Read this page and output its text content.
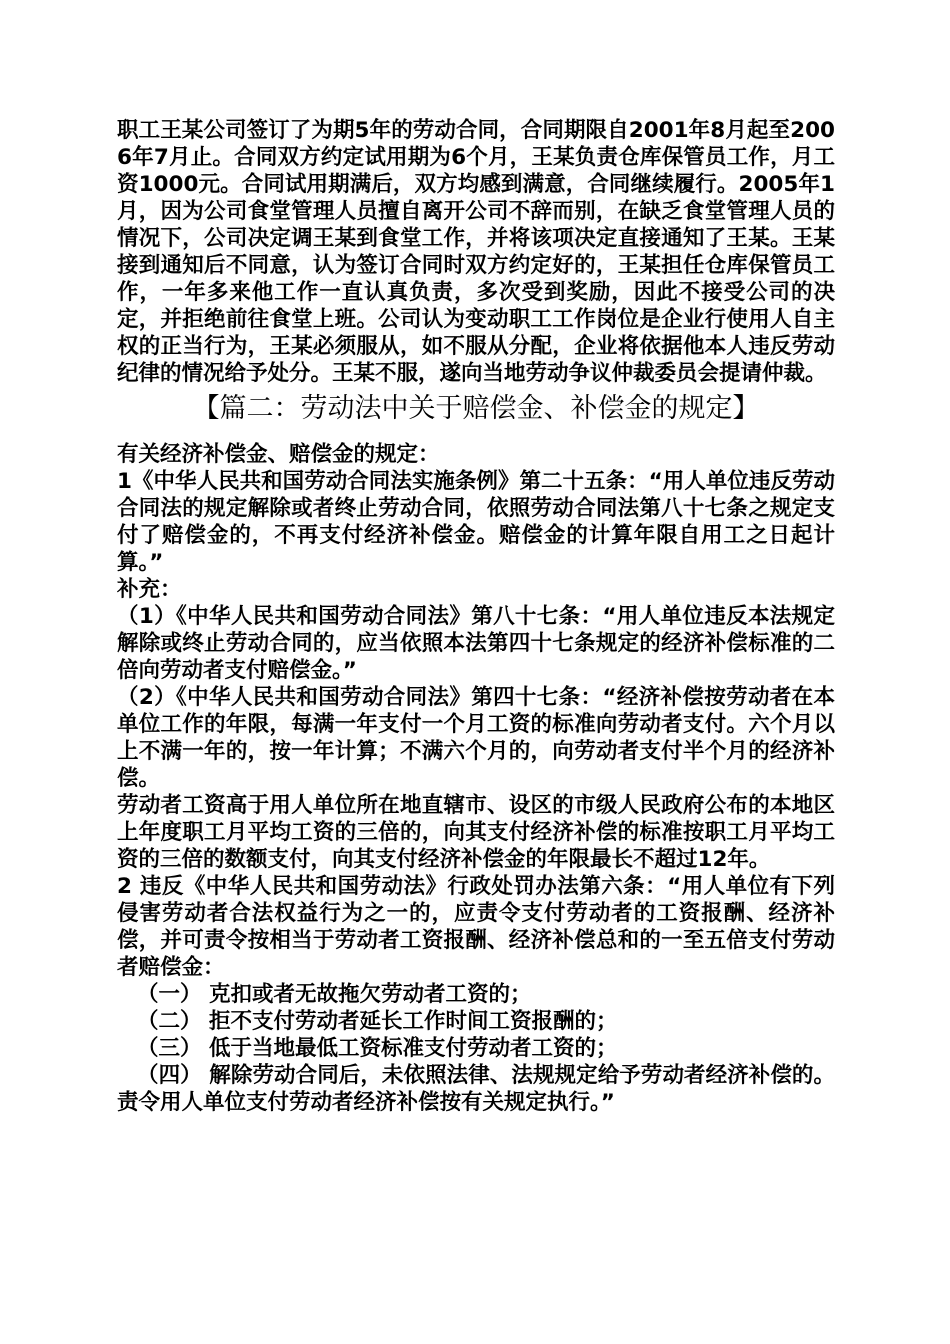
职工王某公司签订了为期5年的劳动合同，合同期限自2001年8月起至2006年7月止。合同双方约定试用期为6个月，王某负责仓库保管员工作，月工资1000元。合同试用期满后，双方均感到满意，合同继续履行。2005年1月，因为公司食堂管理人员擅自离开公司不辞而别，在缺乏食堂管理人员的情况下，公司决定调王某到食堂工作，并将该项决定直接通知了王某。王某接到通知后不同意，认为签订合同时双方约定好的，王某担任仓库保管员工作，一年多来他工作一直认真负责，多次受到奖励，因此不接受公司的决定，并拒绝前往食堂上班。公司认为变动职工工作岗位是企业行使用人自主权的正当行为，王某必须服从，如不服从分配，企业将依据他本人违反劳动纪律的情况给予处分。王某不服，遂向当地劳动争议仲裁委员会提请仲裁。

【篇二：劳动法中关于赔偿金、补偿金的规定】

有关经济补偿金、赔偿金的规定：

1《中华人民共和国劳动合同法实施条例》第二十五条：“用人单位违反劳动合同法的规定解除或者终止劳动合同，依照劳动合同法第八十七条之规定支付了赔偿金的，不再支付经济补偿金。赔偿金的计算年限自用工之日起计算。”

补充：

（1）《中华人民共和国劳动合同法》第八十七条：“用人单位违反本法规定解除或终止劳动合同的，应当依照本法第四十七条规定的经济补偿标准的二倍向劳动者支付赔偿金。”

（2）《中华人民共和国劳动合同法》第四十七条：“经济补偿按劳动者在本单位工作的年限，每满一年支付一个月工资的标准向劳动者支付。六个月以上不满一年的，按一年计算；不满六个月的，向劳动者支付半个月的经济补偿。

劳动者工资高于用人单位所在地直辖市、设区的市级人民政府公布的本地区上年度职工月平均工资的三倍的，向其支付经济补偿的标准按职工月平均工资的三倍的数额支付，向其支付经济补偿金的年限最长不超过12年。

2 违反《中华人民共和国劳动法》行政处罚办法第六条：“用人单位有下列侵害劳动者合法权益行为之一的，应责令支付劳动者的工资报酬、经济补偿，并可责令按相当于劳动者工资报酬、经济补偿总和的一至五倍支付劳动者赔偿金：

（一） 克扣或者无故拖欠劳动者工资的；

（二） 拒不支付劳动者延长工作时间工资报酬的；

（三） 低于当地最低工资标准支付劳动者工资的；

（四） 解除劳动合同后，未依照法律、法规规定给予劳动者经济补偿的。 责令用人单位支付劳动者经济补偿按有关规定执行。”
